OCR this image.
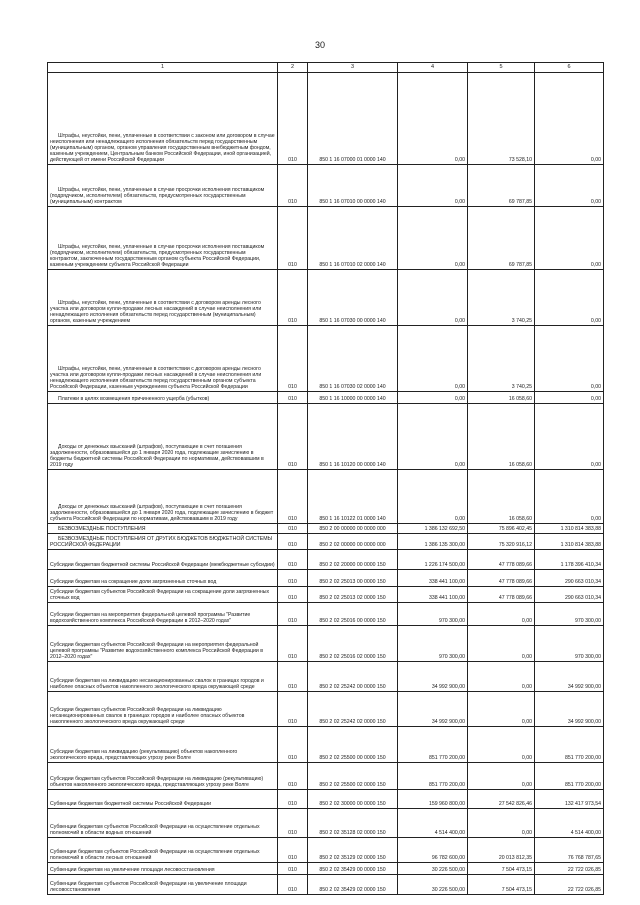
30
1	2	3	4	5	6

Штрафы, неустойки, пени, уплаченные в соответствии с законом или договором в случае неисполнения или ненадлежащего исполнения обязательств перед государственным (муниципальным) органом, органом управления государственным внебюджетным фондом, казенным учреждением, Центральным банком Российской Федерации, иной организацией, действующей от имени Российской Федерации	010	850 1 16 07000 01 0000 140	0,00	73 528,10	0,00

Штрафы, неустойки, пени, уплаченные в случае просрочки исполнения поставщиком (подрядчиком, исполнителем) обязательств, предусмотренных государственным (муниципальным) контрактом	010	850 1 16 07010 00 0000 140	0,00	69 787,85	0,00

Штрафы, неустойки, пени, уплаченные в случае просрочки исполнения поставщиком (подрядчиком, исполнителем) обязательств, предусмотренных государственным контрактом, заключенным государственным органом субъекта Российской Федерации, казенным учреждением субъекта Российской Федерации	010	850 1 16 07010 02 0000 140	0,00	69 787,85	0,00

Штрафы, неустойки, пени, уплаченные в соответствии с договором аренды лесного участка или договором купли-продажи лесных насаждений в случае неисполнения или ненадлежащего исполнения обязательств перед государственным (муниципальным) органом, казенным учреждением	010	850 1 16 07030 00 0000 140	0,00	3 740,25	0,00

Штрафы, неустойки, пени, уплаченные в соответствии с договором аренды лесного участка или договором купли-продажи лесных насаждений в случае неисполнения или ненадлежащего исполнения обязательств перед государственным органом субъекта Российской Федерации, казенным учреждением субъекта Российской Федерации	010	850 1 16 07030 02 0000 140	0,00	3 740,25	0,00

Платежи в целях возмещения причиненного ущерба (убытков)	010	850 1 16 10000 00 0000 140	0,00	16 058,60	0,00

Доходы от денежных взысканий (штрафов), поступающие в счет погашения задолженности, образовавшейся до 1 января 2020 года, подлежащие зачислению в бюджеты бюджетной системы Российской Федерации по нормативам, действовавшим в 2019 году	010	850 1 16 10120 00 0000 140	0,00	16 058,60	0,00

Доходы от денежных взысканий (штрафов), поступающие в счет погашения задолженности, образовавшейся до 1 января 2020 года, подлежащие зачислению в бюджет субъекта Российской Федерации по нормативам, действовавшим в 2019 году	010	850 1 16 10122 01 0000 140	0,00	16 058,60	0,00

БЕЗВОЗМЕЗДНЫЕ ПОСТУПЛЕНИЯ	010	850 2 00 00000 00 0000 000	1 386 132 692,50	75 896 402,45	1 310 814 383,88

БЕЗВОЗМЕЗДНЫЕ ПОСТУПЛЕНИЯ ОТ ДРУГИХ БЮДЖЕТОВ БЮДЖЕТНОЙ СИСТЕМЫ РОССИЙСКОЙ ФЕДЕРАЦИИ	010	850 2 02 00000 00 0000 000	1 386 135 300,00	75 320 916,12	1 310 814 383,88

Субсидии бюджетам бюджетной системы Российской Федерации (межбюджетные субсидии)	010	850 2 02 20000 00 0000 150	1 226 174 500,00	47 778 089,66	1 178 396 410,34

Субсидии бюджетам на сокращение доли загрязненных сточных вод	010	850 2 02 25013 00 0000 150	338 441 100,00	47 778 089,66	290 663 010,34

Субсидии бюджетам субъектов Российской Федерации на сокращение доли загрязненных сточных вод	010	850 2 02 25013 02 0000 150	338 441 100,00	47 778 089,66	290 663 010,34

Субсидии бюджетам на мероприятия федеральной целевой программы "Развитие водохозяйственного комплекса Российской Федерации в 2012–2020 годах"	010	850 2 02 25016 00 0000 150	970 300,00	0,00	970 300,00

Субсидии бюджетам субъектов Российской Федерации на мероприятия федеральной целевой программы "Развитие водохозяйственного комплекса Российской Федерации в 2012–2020 годах"	010	850 2 02 25016 02 0000 150	970 300,00	0,00	970 300,00

Субсидии бюджетам на ликвидацию несанкционированных свалок в границах городов и наиболее опасных объектов накопленного экологического вреда окружающей среде	010	850 2 02 25242 00 0000 150	34 992 900,00	0,00	34 992 900,00

Субсидии бюджетам субъектов Российской Федерации на ликвидацию несанкционированных свалок в границах городов и наиболее опасных объектов накопленного экологического вреда окружающей среде	010	850 2 02 25242 02 0000 150	34 992 900,00	0,00	34 992 900,00

Субсидии бюджетам на ликвидацию (рекультивацию) объектов накопленного экологического вреда, представляющих угрозу реке Волге	010	850 2 02 25500 00 0000 150	851 770 200,00	0,00	851 770 200,00

Субсидии бюджетам субъектов Российской Федерации на ликвидацию (рекультивацию) объектов накопленного экологического вреда, представляющих угрозу реке Волге	010	850 2 02 25500 02 0000 150	851 770 200,00	0,00	851 770 200,00

Субвенции бюджетам бюджетной системы Российской Федерации	010	850 2 02 30000 00 0000 150	159 960 800,00	27 542 826,46	132 417 973,54

Субвенции бюджетам субъектов Российской Федерации на осуществление отдельных полномочий в области водных отношений	010	850 2 02 35128 02 0000 150	4 514 400,00	0,00	4 514 400,00

Субвенции бюджетам субъектов Российской Федерации на осуществление отдельных полномочий в области лесных отношений	010	850 2 02 35129 02 0000 150	96 782 600,00	20 013 812,35	76 768 787,65

Субвенции бюджетам на увеличение площади лесовосстановления	010	850 2 02 35429 00 0000 150	30 226 500,00	7 504 473,15	22 722 026,85

Субвенции бюджетам субъектов Российской Федерации на увеличение площади лесовосстановления	010	850 2 02 35429 02 0000 150	30 226 500,00	7 504 473,15	22 722 026,85
